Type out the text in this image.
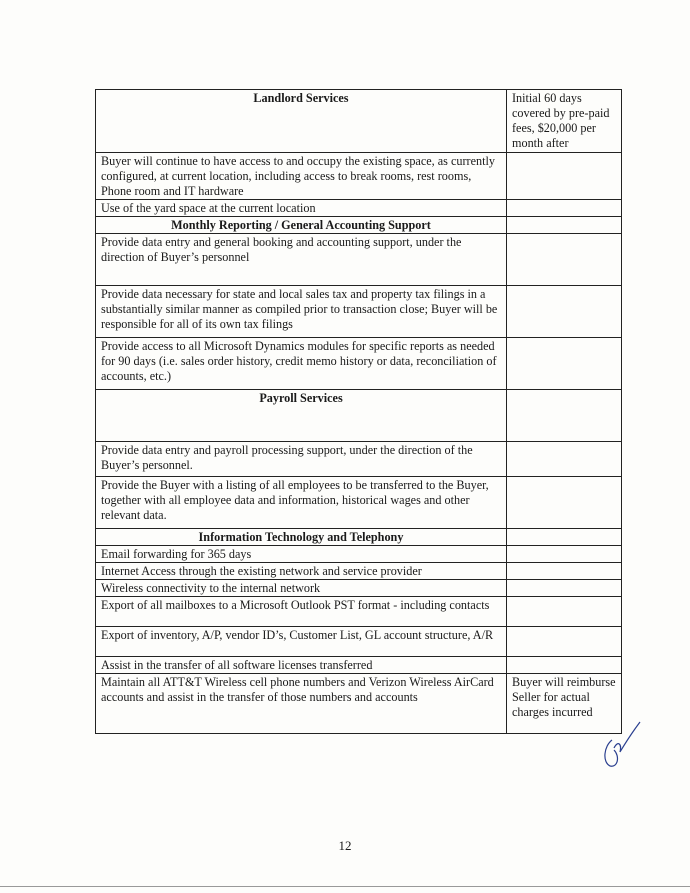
Landlord Services	Initial 60 days covered by pre-paid fees, $20,000 per month after
Buyer will continue to have access to and occupy the existing space, as currently configured, at current location, including access to break rooms, rest rooms, Phone room and IT hardware	
Use of the yard space at the current location	
Monthly Reporting / General Accounting Support	
Provide data entry and general booking and accounting support, under the direction of Buyer’s personnel	
Provide data necessary for state and local sales tax and property tax filings in a substantially similar manner as compiled prior to transaction close; Buyer will be responsible for all of its own tax filings	
Provide access to all Microsoft Dynamics modules for specific reports as needed for 90 days (i.e. sales order history, credit memo history or data, reconciliation of accounts, etc.)	
Payroll Services	
Provide data entry and payroll processing support, under the direction of the Buyer’s personnel.	
Provide the Buyer with a listing of all employees to be transferred to the Buyer, together with all employee data and information, historical wages and other relevant data.	
Information Technology and Telephony	
Email forwarding for 365 days	
Internet Access through the existing network and service provider	
Wireless connectivity to the internal network	
Export of all mailboxes to a Microsoft Outlook PST format - including contacts	
Export of inventory, A/P, vendor ID’s, Customer List, GL account structure, A/R	
Assist in the transfer of all software licenses transferred	
Maintain all ATT&T Wireless cell phone numbers and Verizon Wireless AirCard accounts and assist in the transfer of those numbers and accounts	Buyer will reimburse Seller for actual charges incurred
12
